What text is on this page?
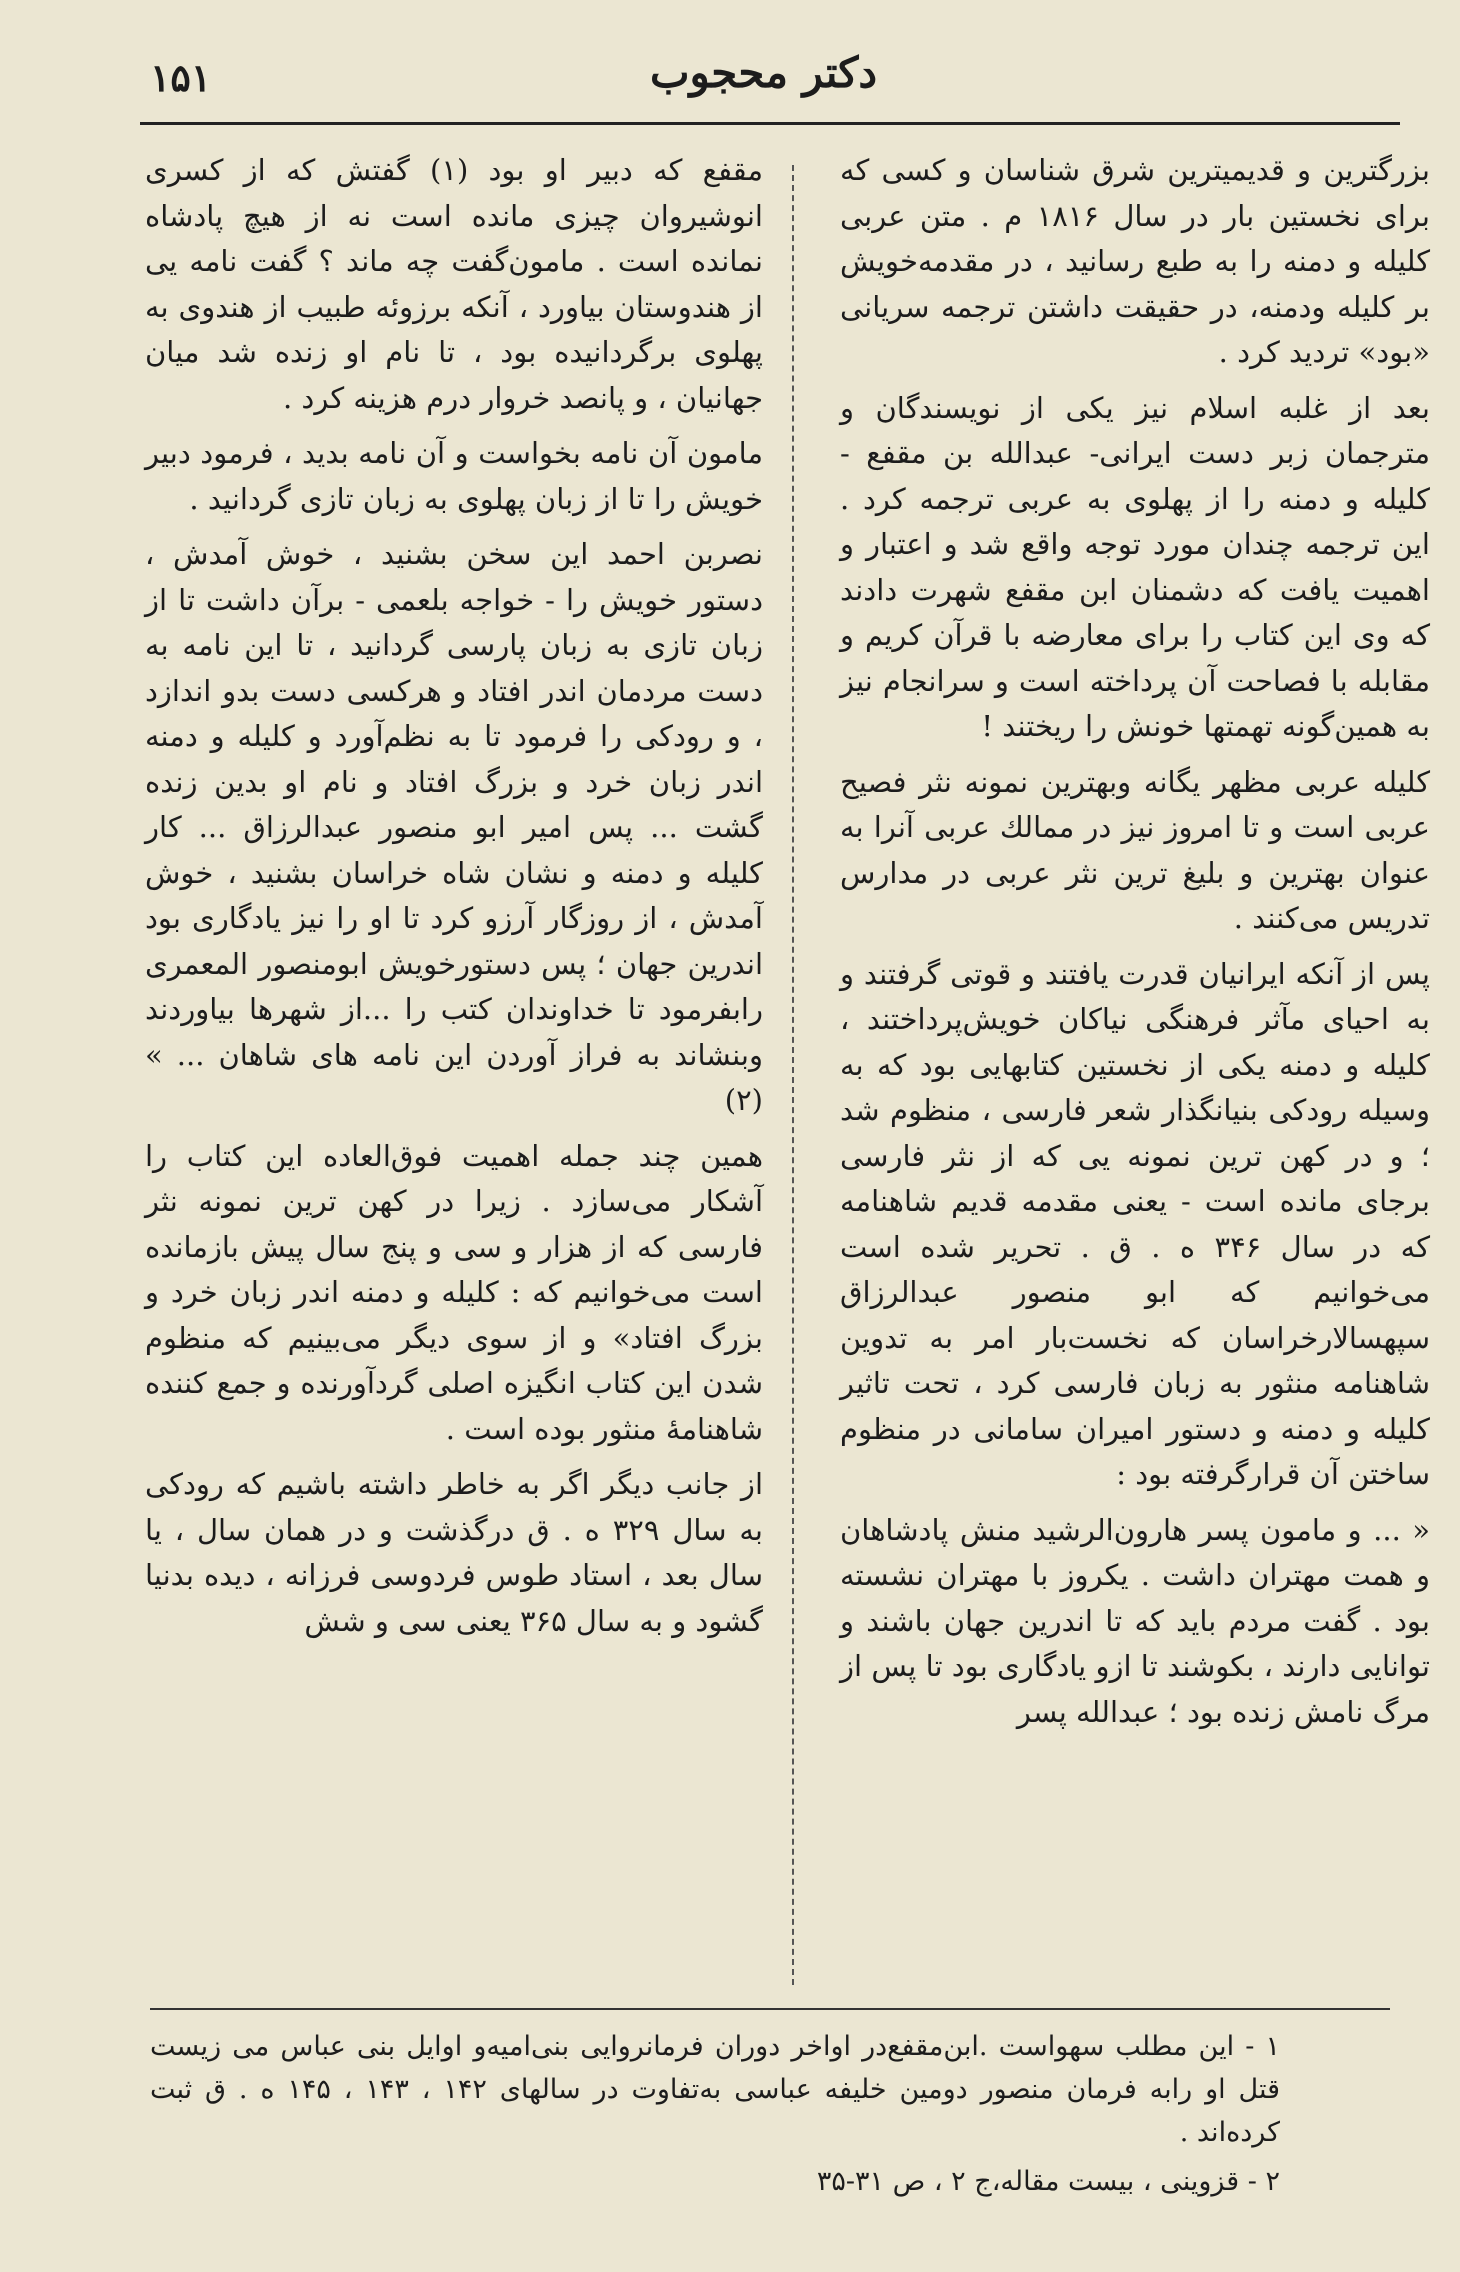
۱۵۱	دکتر محجوب

بزرگترین و قدیمیترین شرق شناسان و کسی که برای نخستین بار در سال ۱۸۱۶ م . متن عربی کلیله و دمنه را به طبع رسانید ، در مقدمه‌خویش بر کلیله ودمنه، در حقیقت داشتن ترجمه سریانی «بود» تردید کرد .

بعد از غلبه اسلام نیز یکی از نویسندگان و مترجمان زبر دست ایرانی- عبدالله بن مقفع - کلیله و دمنه را از پهلوی به عربی ترجمه کرد . این ترجمه چندان مورد توجه واقع شد و اعتبار و اهمیت یافت که دشمنان ابن مقفع شهرت دادند که وی این کتاب را برای معارضه با قرآن کریم و مقابله با فصاحت آن پرداخته است و سرانجام نیز به همین‌گونه تهمتها خونش را ریختند !

کلیله عربی مظهر یگانه وبهترین نمونه نثر فصیح عربی است و تا امروز نیز در ممالك عربی آنرا به عنوان بهترین و بلیغ ترین نثر عربی در مدارس تدریس می‌کنند .

پس از آنکه ایرانیان قدرت یافتند و قوتی گرفتند و به احیای مآثر فرهنگی نیاکان خویش‌پرداختند ، کلیله و دمنه یکی از نخستین کتابهایی بود که به وسیله رودکی بنیانگذار شعر فارسی ، منظوم شد ؛ و در کهن ترین نمونه یی که از نثر فارسی برجای مانده است - یعنی مقدمه قدیم شاهنامه که در سال ۳۴۶ ه . ق . تحریر شده است می‌خوانیم که ابو منصور عبدالرزاق سپهسالارخراسان که نخست‌بار امر به تدوین شاهنامه منثور به زبان فارسی کرد ، تحت تاثیر کلیله و دمنه و دستور امیران سامانی در منظوم ساختن آن قرارگرفته بود :

« ... و مامون پسر هارون‌الرشید منش پادشاهان و همت مهتران داشت . یکروز با مهتران نشسته بود . گفت مردم باید که تا اندرین جهان باشند و توانایی دارند ، بکوشند تا ازو یادگاری بود تا پس از مرگ نامش زنده بود ؛ عبدالله پسر

مقفع که دبیر او بود (۱) گفتش که از کسری انوشیروان چیزی مانده است نه از هیچ پادشاه نمانده است . مامون‌گفت چه ماند ؟ گفت نامه یی از هندوستان بیاورد ، آنکه برزوئه طبیب از هندوی به پهلوی برگردانیده بود ، تا نام او زنده شد میان جهانیان ، و پانصد خروار درم هزینه کرد .

مامون آن نامه بخواست و آن نامه بدید ، فرمود دبیر خویش را تا از زبان پهلوی به زبان تازی گردانید .

نصربن احمد این سخن بشنید ، خوش آمدش ، دستور خویش را - خواجه بلعمی - برآن داشت تا از زبان تازی به زبان پارسی گردانید ، تا این نامه به دست مردمان اندر افتاد و هرکسی دست بدو اندازد ، و رودکی را فرمود تا به نظم‌آورد و کلیله و دمنه اندر زبان خرد و بزرگ افتاد و نام او بدین زنده گشت ... پس امیر ابو منصور عبدالرزاق ... کار کلیله و دمنه و نشان شاه خراسان بشنید ، خوش آمدش ، از روزگار آرزو کرد تا او را نیز یادگاری بود اندرین جهان ؛ پس دستورخویش ابومنصور المعمری رابفرمود تا خداوندان کتب را ...از شهرها بیاوردند وبنشاند به فراز آوردن این نامه های شاهان ... » (۲)

همین چند جمله اهمیت فوق‌العاده این کتاب را آشکار می‌سازد . زیرا در کهن ترین نمونه نثر فارسی که از هزار و سی و پنج سال پیش بازمانده است می‌خوانیم که : کلیله و دمنه اندر زبان خرد و بزرگ افتاد» و از سوی دیگر می‌بینیم که منظوم شدن این کتاب انگیزه اصلی گردآورنده و جمع کننده شاهنامهٔ منثور بوده است .

از جانب دیگر اگر به خاطر داشته باشیم که رودکی به سال ۳۲۹ ه . ق درگذشت و در همان سال ، یا سال بعد ، استاد طوس فردوسی فرزانه ، دیده بدنیا گشود و به سال ۳۶۵ یعنی سی و شش

۱ - این مطلب سهواست .ابن‌مقفع‌در اواخر دوران فرمانروایی بنی‌امیه‌و اوایل بنی عباس می زیست قتل او رابه فرمان منصور دومین خلیفه عباسی به‌تفاوت در سالهای ۱۴۲ ، ۱۴۳ ، ۱۴۵ ه . ق ثبت کرده‌اند .

۲ - قزوینی ، بیست مقاله،ج ۲ ، ص ۳۱-۳۵
